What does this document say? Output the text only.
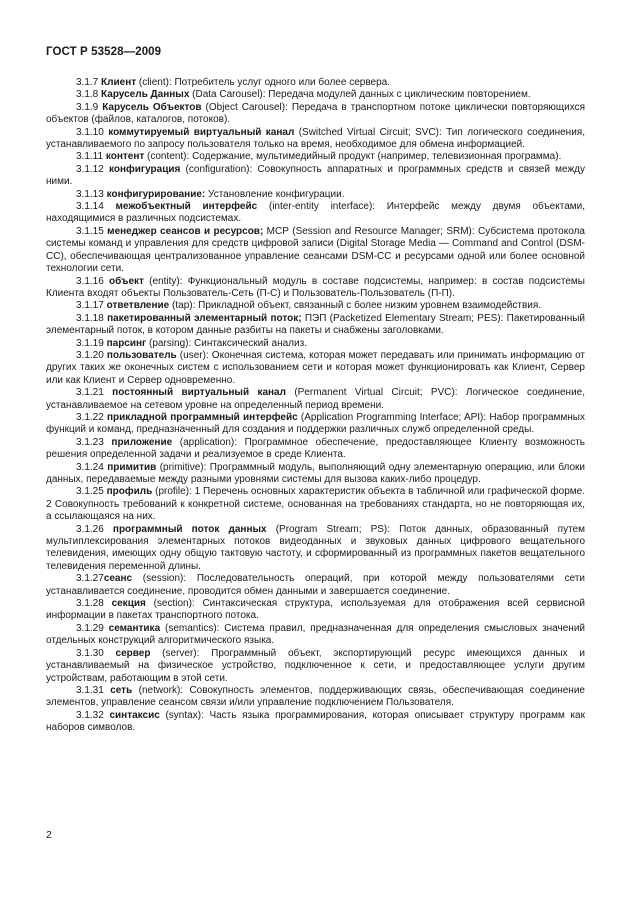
ГОСТ Р 53528—2009

3.1.7 Клиент (client): Потребитель услуг одного или более сервера.

3.1.8 Карусель Данных (Data Carousel): Передача модулей данных с циклическим повторением.

3.1.9 Карусель Объектов (Object Carousel): Передача в транспортном потоке циклически повторяющихся объектов (файлов, каталогов, потоков).

3.1.10 коммутируемый виртуальный канал (Switched Virtual Circuit; SVC): Тип логического соединения, устанавливаемого по запросу пользователя только на время, необходимое для обмена информацией.

3.1.11 контент (content): Содержание, мультимедийный продукт (например, телевизионная программа).

3.1.12 конфигурация (configuration): Совокупность аппаратных и программных средств и связей между ними.

3.1.13 конфигурирование: Установление конфигурации.

3.1.14 межобъектный интерфейс (inter-entity interface): Интерфейс между двумя объектами, находящимися в различных подсистемах.

3.1.15 менеджер сеансов и ресурсов; МСР (Session and Resource Manager; SRM): Субсистема протокола системы команд и управления для средств цифровой записи (Digital Storage Media — Command and Control (DSM-CC), обеспечивающая централизованное управление сеансами DSM-CC и ресурсами одной или более основной технологии сети.

3.1.16 объект (entity): Функциональный модуль в составе подсистемы, например: в состав подсистемы Клиента входят объекты Пользователь-Сеть (П-С) и Пользователь-Пользователь (П-П).

3.1.17 ответвление (tap): Прикладной объект, связанный с более низким уровнем взаимодействия.

3.1.18 пакетированный элементарный поток; ПЭП (Packetized Elementary Stream; PES): Пакетированный элементарный поток, в котором данные разбиты на пакеты и снабжены заголовками.

3.1.19 парсинг (parsing): Синтаксический анализ.

3.1.20 пользователь (user): Оконечная система, которая может передавать или принимать информацию от других таких же оконечных систем с использованием сети и которая может функционировать как Клиент, Сервер или как Клиент и Сервер одновременно.

3.1.21 постоянный виртуальный канал (Permanent Virtual Circuit; PVC): Логическое соединение, устанавливаемое на сетевом уровне на определенный период времени.

3.1.22 прикладной программный интерфейс (Application Programming Interface; API): Набор программных функций и команд, предназначенный для создания и поддержки различных служб определенной среды.

3.1.23 приложение (application): Программное обеспечение, предоставляющее Клиенту возможность решения определенной задачи и реализуемое в среде Клиента.

3.1.24 примитив (primitive): Программный модуль, выполняющий одну элементарную операцию, или блоки данных, передаваемые между разными уровнями системы для вызова каких-либо процедур.

3.1.25 профиль (profile): 1 Перечень основных характеристик объекта в табличной или графической форме. 2 Совокупность требований к конкретной системе, основанная на требованиях стандарта, но не повторяющая их, а ссылающаяся на них.

3.1.26 программный поток данных (Program Stream; PS): Поток данных, образованный путем мультиплексирования элементарных потоков видеоданных и звуковых данных цифрового вещательного телевидения, имеющих одну общую тактовую частоту, и сформированный из программных пакетов вещательного телевидения переменной длины.

3.1.27сеанс (session): Последовательность операций, при которой между пользователями сети устанавливается соединение, проводится обмен данными и завершается соединение.

3.1.28 секция (section): Синтаксическая структура, используемая для отображения всей сервисной информации в пакетах транспортного потока.

3.1.29 семантика (semantics): Система правил, предназначенная для определения смысловых значений отдельных конструкций алгоритмического языка.

3.1.30 сервер (server): Программный объект, экспортирующий ресурс имеющихся данных и устанавливаемый на физическое устройство, подключенное к сети, и предоставляющее услуги другим устройствам, работающим в этой сети.

3.1.31 сеть (network): Совокупность элементов, поддерживающих связь, обеспечивающая соединение элементов, управление сеансом связи и/или управление подключением Пользователя.

3.1.32 синтаксис (syntax): Часть языка программирования, которая описывает структуру программ как наборов символов.

2
